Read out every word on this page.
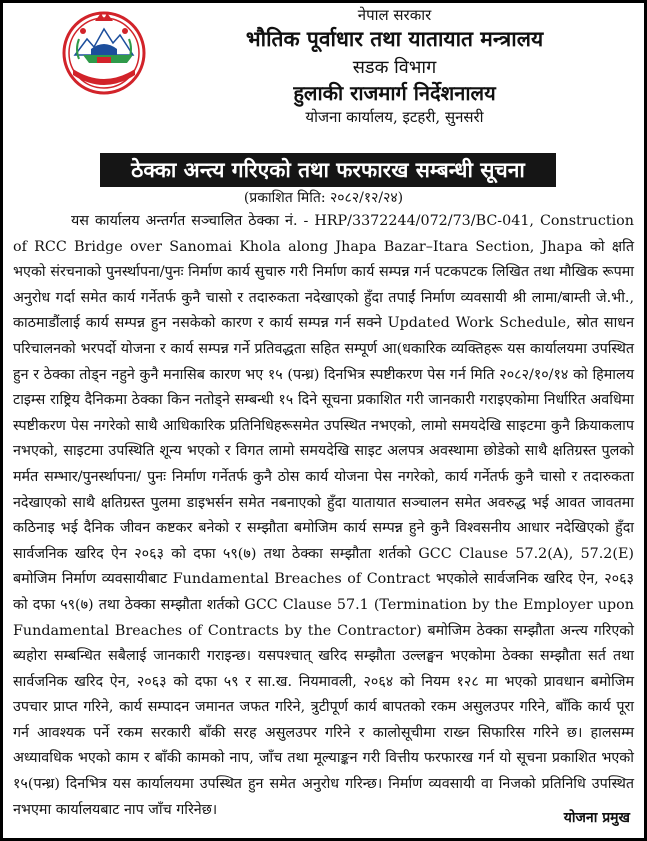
नेपाल सरकार
भौतिक पूर्वाधार तथा यातायात मन्त्रालय
सडक विभाग
हुलाकी राजमार्ग निर्देशनालय
योजना कार्यालय, इटहरी, सुनसरी
ठेक्का अन्त्य गरिएको तथा फरफारख सम्बन्धी सूचना
(प्रकाशित मिति: २०८२/१२/२४)
यस कार्यालय अन्तर्गत सञ्चालित ठेक्का नं. - HRP/3372244/072/73/BC-041, Construction of RCC Bridge over Sanomai Khola along Jhapa Bazar–Itara Section, Jhapa को क्षति भएको संरचनाको पुनर्स्थापना/पुनः निर्माण कार्य सुचारु गरी निर्माण कार्य सम्पन्न गर्न पटकपटक लिखित तथा मौखिक रूपमा अनुरोध गर्दा समेत कार्य गर्नेतर्फ कुनै चासो र तदारुकता नदेखाएको हुँदा तपाईं निर्माण व्यवसायी श्री लामा/बाम्ती जे.भी., काठमाडौंलाई कार्य सम्पन्न हुन नसकेको कारण र कार्य सम्पन्न गर्न सक्ने Updated Work Schedule, स्रोत साधन परिचालनको भरपर्दो योजना र कार्य सम्पन्न गर्ने प्रतिवद्धता सहित सम्पूर्ण आ(धकारिक व्यक्तिहरू यस कार्यालयमा उपस्थित हुन र ठेक्का तोड्न नहुने कुनै मनासिब कारण भए १५ (पन्ध्र) दिनभित्र स्पष्टीकरण पेस गर्न मिति २०८२/१०/१४ को हिमालय टाइम्स राष्ट्रिय दैनिकमा ठेक्का किन नतोड्ने सम्बन्धी १५ दिने सूचना प्रकाशित गरी जानकारी गराइएकोमा निर्धारित अवधिमा स्पष्टीकरण पेस नगरेको साथै आधिकारिक प्रतिनिधिहरूसमेत उपस्थित नभएको, लामो समयदेखि साइटमा कुनै क्रियाकलाप नभएको, साइटमा उपस्थिति शून्य भएको र विगत लामो समयदेखि साइट अलपत्र अवस्थामा छोडेको साथै क्षतिग्रस्त पुलको मर्मत सम्भार/पुनर्स्थापना/ पुनः निर्माण गर्नेतर्फ कुनै ठोस कार्य योजना पेस नगरेको, कार्य गर्नेतर्फ कुनै चासो र तदारुकता नदेखाएको साथै क्षतिग्रस्त पुलमा डाइभर्सन समेत नबनाएको हुँदा यातायात सञ्चालन समेत अवरुद्ध भई आवत जावतमा कठिनाइ भई दैनिक जीवन कष्टकर बनेको र सम्झौता बमोजिम कार्य सम्पन्न हुने कुनै विश्वसनीय आधार नदेखिएको हुँदा सार्वजनिक खरिद ऐन २०६३ को दफा ५९(७) तथा ठेक्का सम्झौता शर्तको GCC Clause 57.2(A), 57.2(E) बमोजिम निर्माण व्यवसायीबाट Fundamental Breaches of Contract भएकोले सार्वजनिक खरिद ऐन, २०६३ को दफा ५९(७) तथा ठेक्का सम्झौता शर्तको GCC Clause 57.1 (Termination by the Employer upon Fundamental Breaches of Contracts by the Contractor) बमोजिम ठेक्का सम्झौता अन्त्य गरिएको ब्यहोरा सम्बन्धित सबैलाई जानकारी गराइन्छ। यसपश्चात् खरिद सम्झौता उल्लङ्घन भएकोमा ठेक्का सम्झौता सर्त तथा सार्वजनिक खरिद ऐन, २०६३ को दफा ५९ र सा.ख. नियमावली, २०६४ को नियम १२८ मा भएको प्रावधान बमोजिम उपचार प्राप्त गरिने, कार्य सम्पादन जमानत जफत गरिने, त्रुटीपूर्ण कार्य बापतको रकम असुलउपर गरिने, बाँकि कार्य पूरा गर्न आवश्यक पर्ने रकम सरकारी बाँकी सरह असुलउपर गरिने र कालोसूचीमा राख्न सिफारिस गरिने छ। हालसम्म अध्यावधिक भएको काम र बाँकी कामको नाप, जाँच तथा मूल्याङ्कन गरी वित्तीय फरफारख गर्न यो सूचना प्रकाशित भएको १५(पन्ध्र) दिनभित्र यस कार्यालयमा उपस्थित हुन समेत अनुरोध गरिन्छ। निर्माण व्यवसायी वा निजको प्रतिनिधि उपस्थित नभएमा कार्यालयबाट नाप जाँच गरिनेछ।
योजना प्रमुख
